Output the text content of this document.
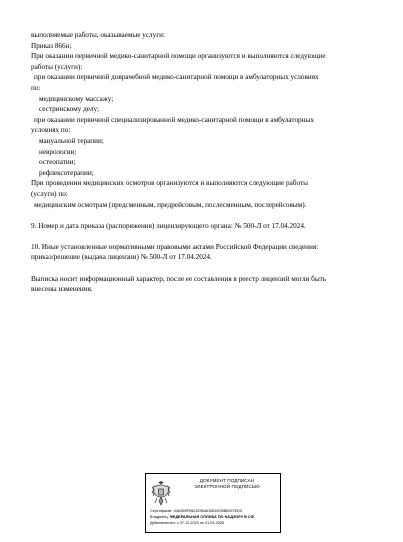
выполняемые работы, оказываемые услуги:
Приказ 866н;
При оказании первичной медико-санитарной помощи организуются и выполняются следующие
работы (услуги):
при оказании первичной доврачебной медико-санитарной помощи в амбулаторных условиях
по:
медицинскому массажу;
сестринскому делу;
при оказании первичной специализированной медико-санитарной помощи в амбулаторных
условиях по:
мануальной терапии;
неврологии;
остеопатии;
рефлексотерапии;
При проведении медицинских осмотров организуются и выполняются следующие работы
(услуги) по:
медицинским осмотрам (предсменным, предрейсовым, послесменным, послерейсовым).
9. Номер и дата приказа (распоряжения) лицензирующего органа: № 500-Л от 17.04.2024.
10. Иные установленные нормативными правовыми актами Российской Федерации сведения:
приказ/решение (выдача лицензии) № 500-Л от 17.04.2024.
Выписка носит информационный характер, после ее составления в реестр лицензий могли быть
внесены изменения.
ДОКУМЕНТ ПОДПИСАН
ЭЛЕКТРОННОЙ ПОДПИСЬЮ
Сертификат: 44A369F5521E9BAD0810CBB6257ED3
Владелец: ФЕДЕРАЛЬНАЯ СЛУЖБА ПО НАДЗОРУ В СФ
Действителен: с 07.12.2023 по 01.03.2025
